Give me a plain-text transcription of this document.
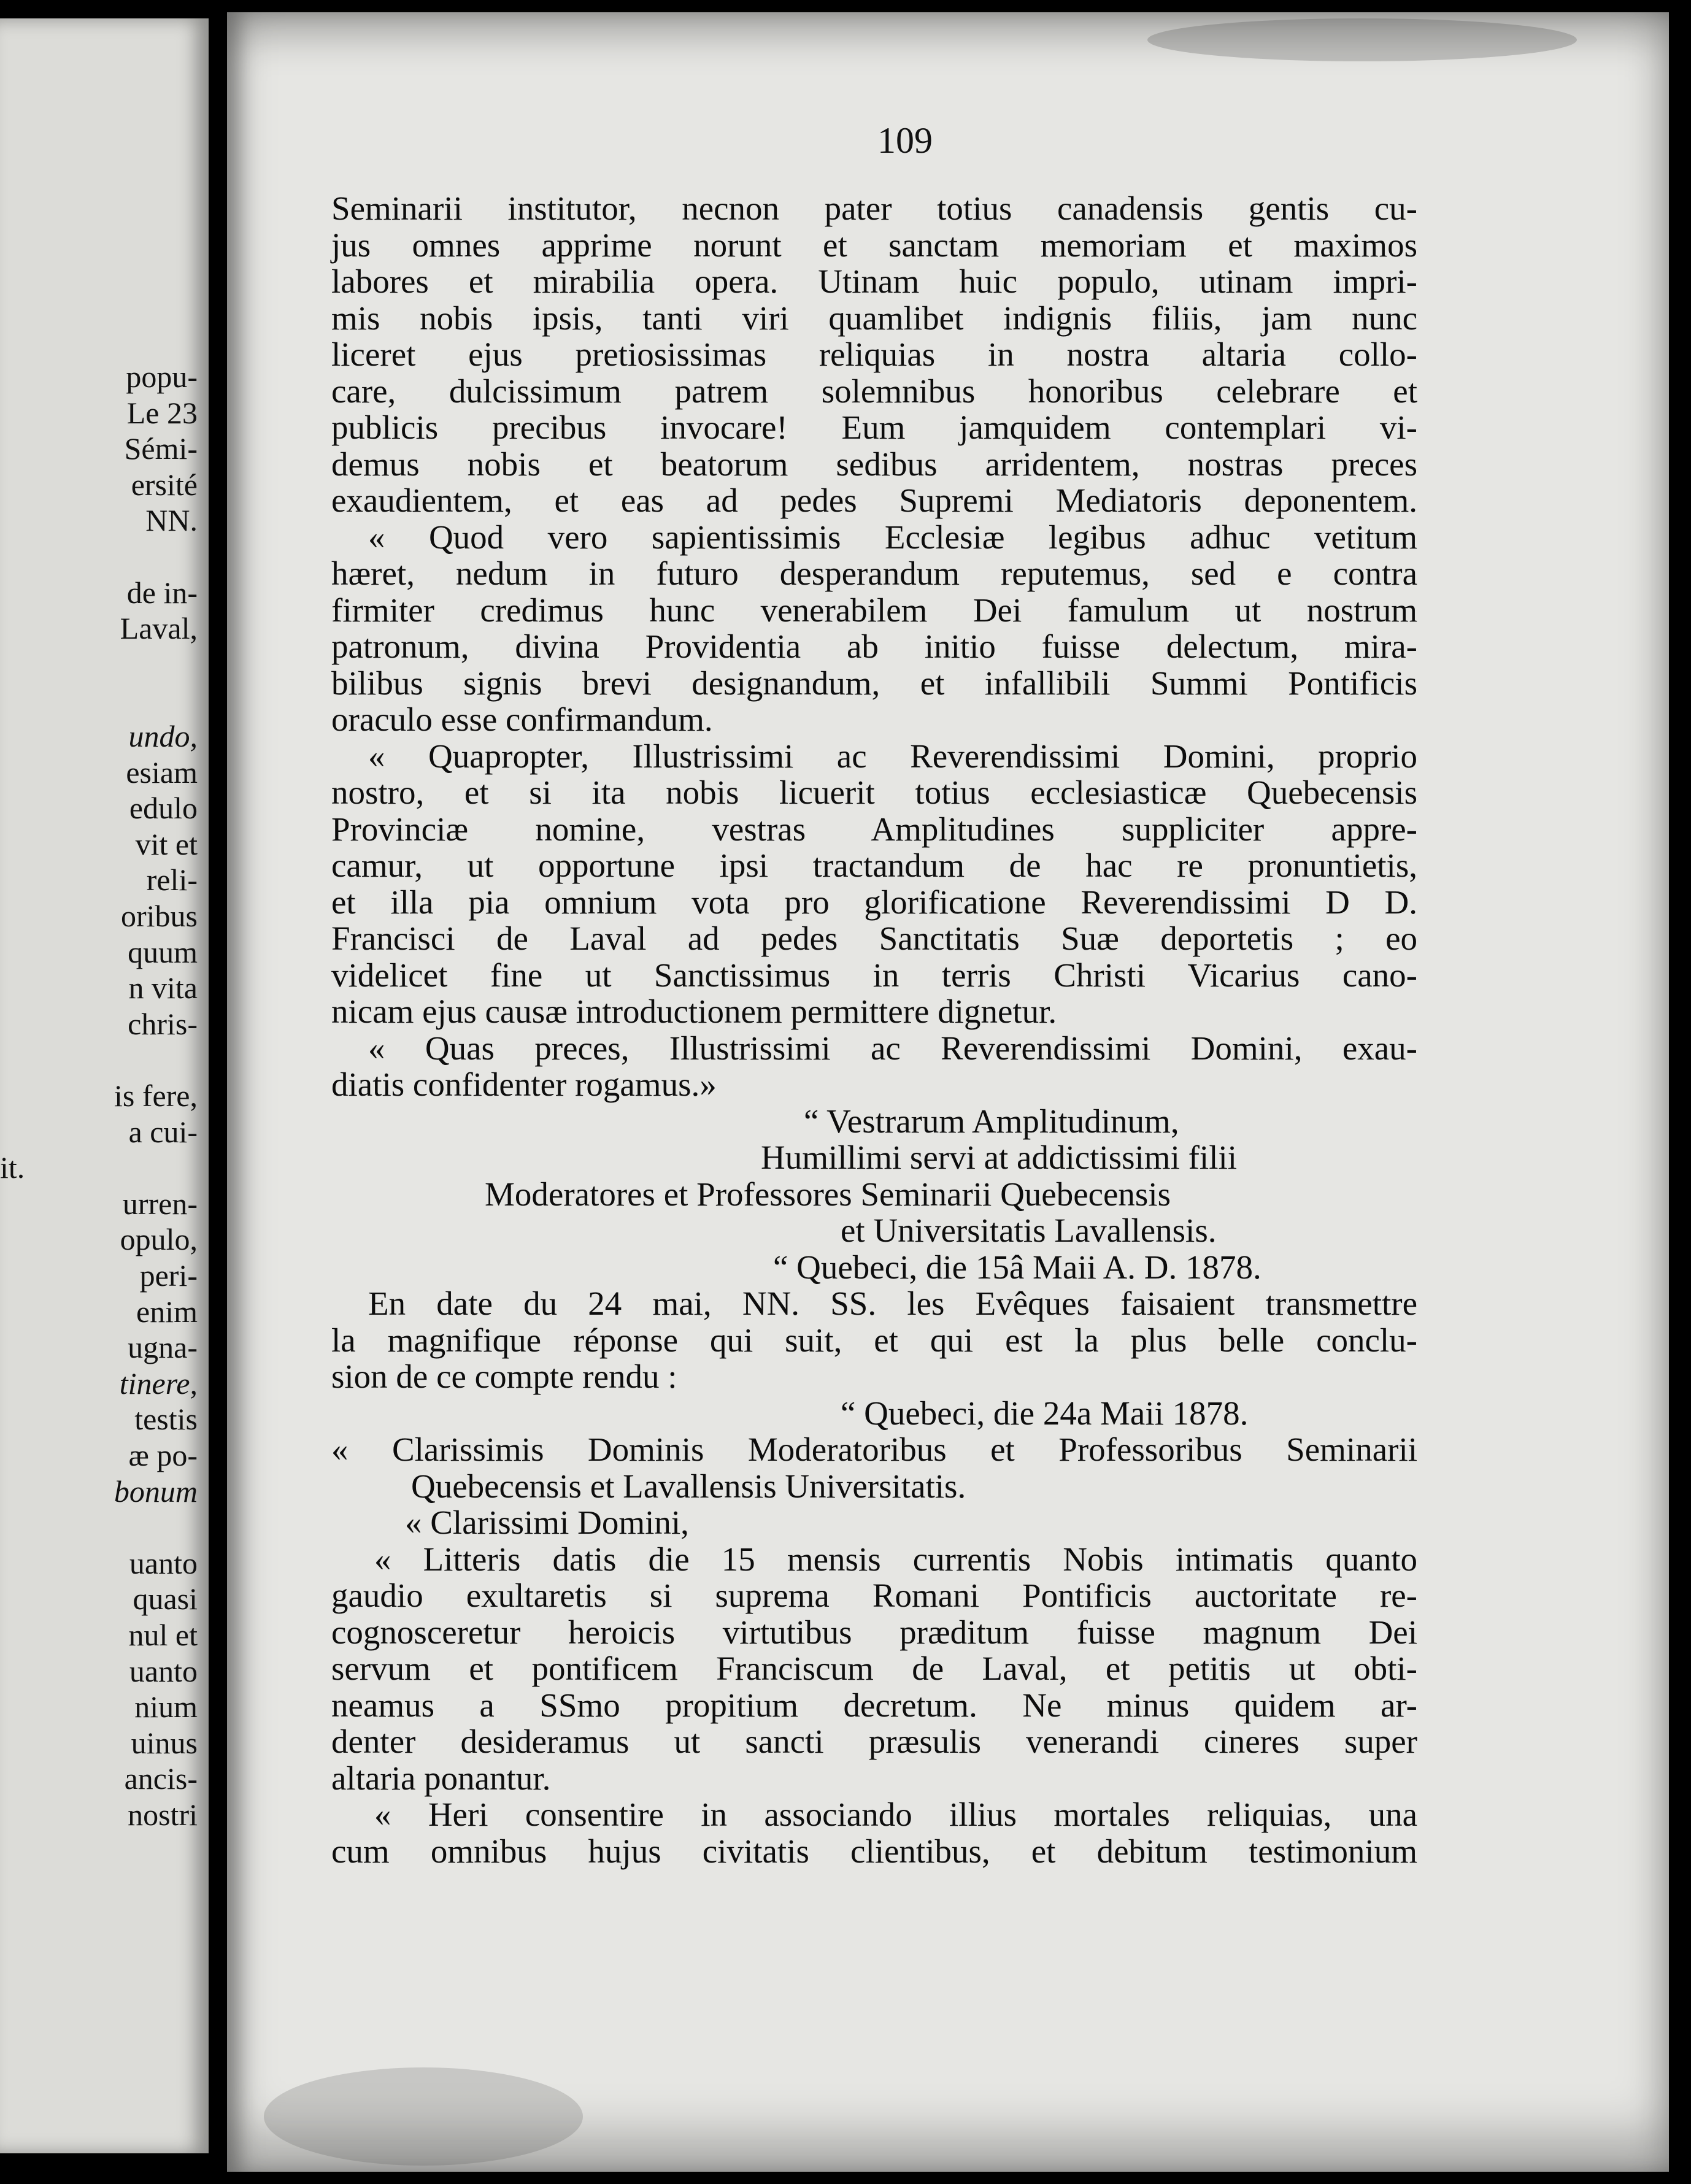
popu-
Le 23
Sémi-
ersité
NN.
de in-
Laval,
undo,
esiam
edulo
vit et
reli-
oribus
quum
n vita
chris-
is fere,
a cui-
it.
urren-
opulo,
peri-
enim
ugna-
tinere,
testis
æ po-
bonum
uanto
quasi
nul et
uanto
nium
uinus
ancis-
nostri
109
Seminarii institutor, necnon pater totius canadensis gentis cu-
jus omnes apprime norunt et sanctam memoriam et maximos
labores et mirabilia opera. Utinam huic populo, utinam impri-
mis nobis ipsis, tanti viri quamlibet indignis filiis, jam nunc
liceret ejus pretiosissimas reliquias in nostra altaria collo-
care, dulcissimum patrem solemnibus honoribus celebrare et
publicis precibus invocare! Eum jamquidem contemplari vi-
demus nobis et beatorum sedibus arridentem, nostras preces
exaudientem, et eas ad pedes Supremi Mediatoris deponentem.
« Quod vero sapientissimis Ecclesiæ legibus adhuc vetitum
hæret, nedum in futuro desperandum reputemus, sed e contra
firmiter credimus hunc venerabilem Dei famulum ut nostrum
patronum, divina Providentia ab initio fuisse delectum, mira-
bilibus signis brevi designandum, et infallibili Summi Pontificis
oraculo esse confirmandum.
« Quapropter, Illustrissimi ac Reverendissimi Domini, proprio
nostro, et si ita nobis licuerit totius ecclesiasticæ Quebecensis
Provinciæ nomine, vestras Amplitudines suppliciter appre-
camur, ut opportune ipsi tractandum de hac re pronuntietis,
et illa pia omnium vota pro glorificatione Reverendissimi D D.
Francisci de Laval ad pedes Sanctitatis Suæ deportetis ; eo
videlicet fine ut Sanctissimus in terris Christi Vicarius cano-
nicam ejus causæ introductionem permittere dignetur.
« Quas preces, Illustrissimi ac Reverendissimi Domini, exau-
diatis confidenter rogamus.»
“ Vestrarum Amplitudinum,
Humillimi servi at addictissimi filii
Moderatores et Professores Seminarii Quebecensis
et Universitatis Lavallensis.
“ Quebeci, die 15â Maii A. D. 1878.
En date du 24 mai, NN. SS. les Evêques faisaient transmettre
la magnifique réponse qui suit, et qui est la plus belle conclu-
sion de ce compte rendu :
“ Quebeci, die 24a Maii 1878.
« Clarissimis Dominis Moderatoribus et Professoribus Seminarii
Quebecensis et Lavallensis Universitatis.
« Clarissimi Domini,
« Litteris datis die 15 mensis currentis Nobis intimatis quanto
gaudio exultaretis si suprema Romani Pontificis auctoritate re-
cognosceretur heroicis virtutibus præditum fuisse magnum Dei
servum et pontificem Franciscum de Laval, et petitis ut obti-
neamus a SSmo propitium decretum. Ne minus quidem ar-
denter desideramus ut sancti præsulis venerandi cineres super
altaria ponantur.
« Heri consentire in associando illius mortales reliquias, una
cum omnibus hujus civitatis clientibus, et debitum testimonium
